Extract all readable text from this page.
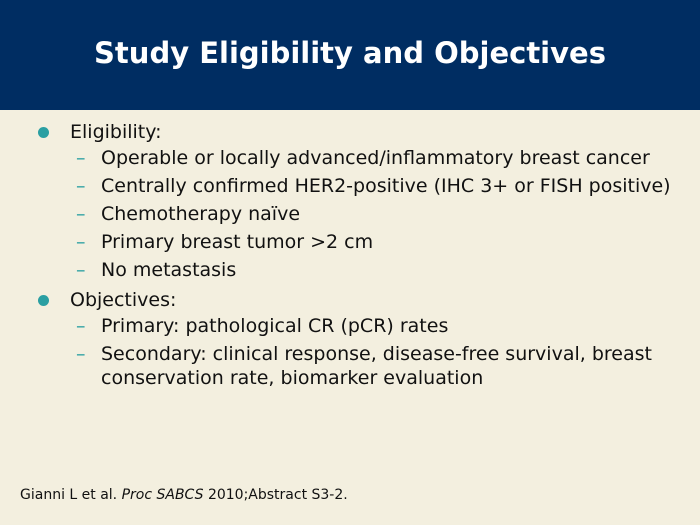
Study Eligibility and Objectives
Eligibility:
– Operable or locally advanced/inflammatory breast cancer
– Centrally confirmed HER2-positive (IHC 3+ or FISH positive)
– Chemotherapy naïve
– Primary breast tumor >2 cm
– No metastasis
Objectives:
– Primary: pathological CR (pCR) rates
– Secondary: clinical response, disease-free survival, breast conservation rate, biomarker evaluation
Gianni L et al. Proc SABCS 2010;Abstract S3-2.
